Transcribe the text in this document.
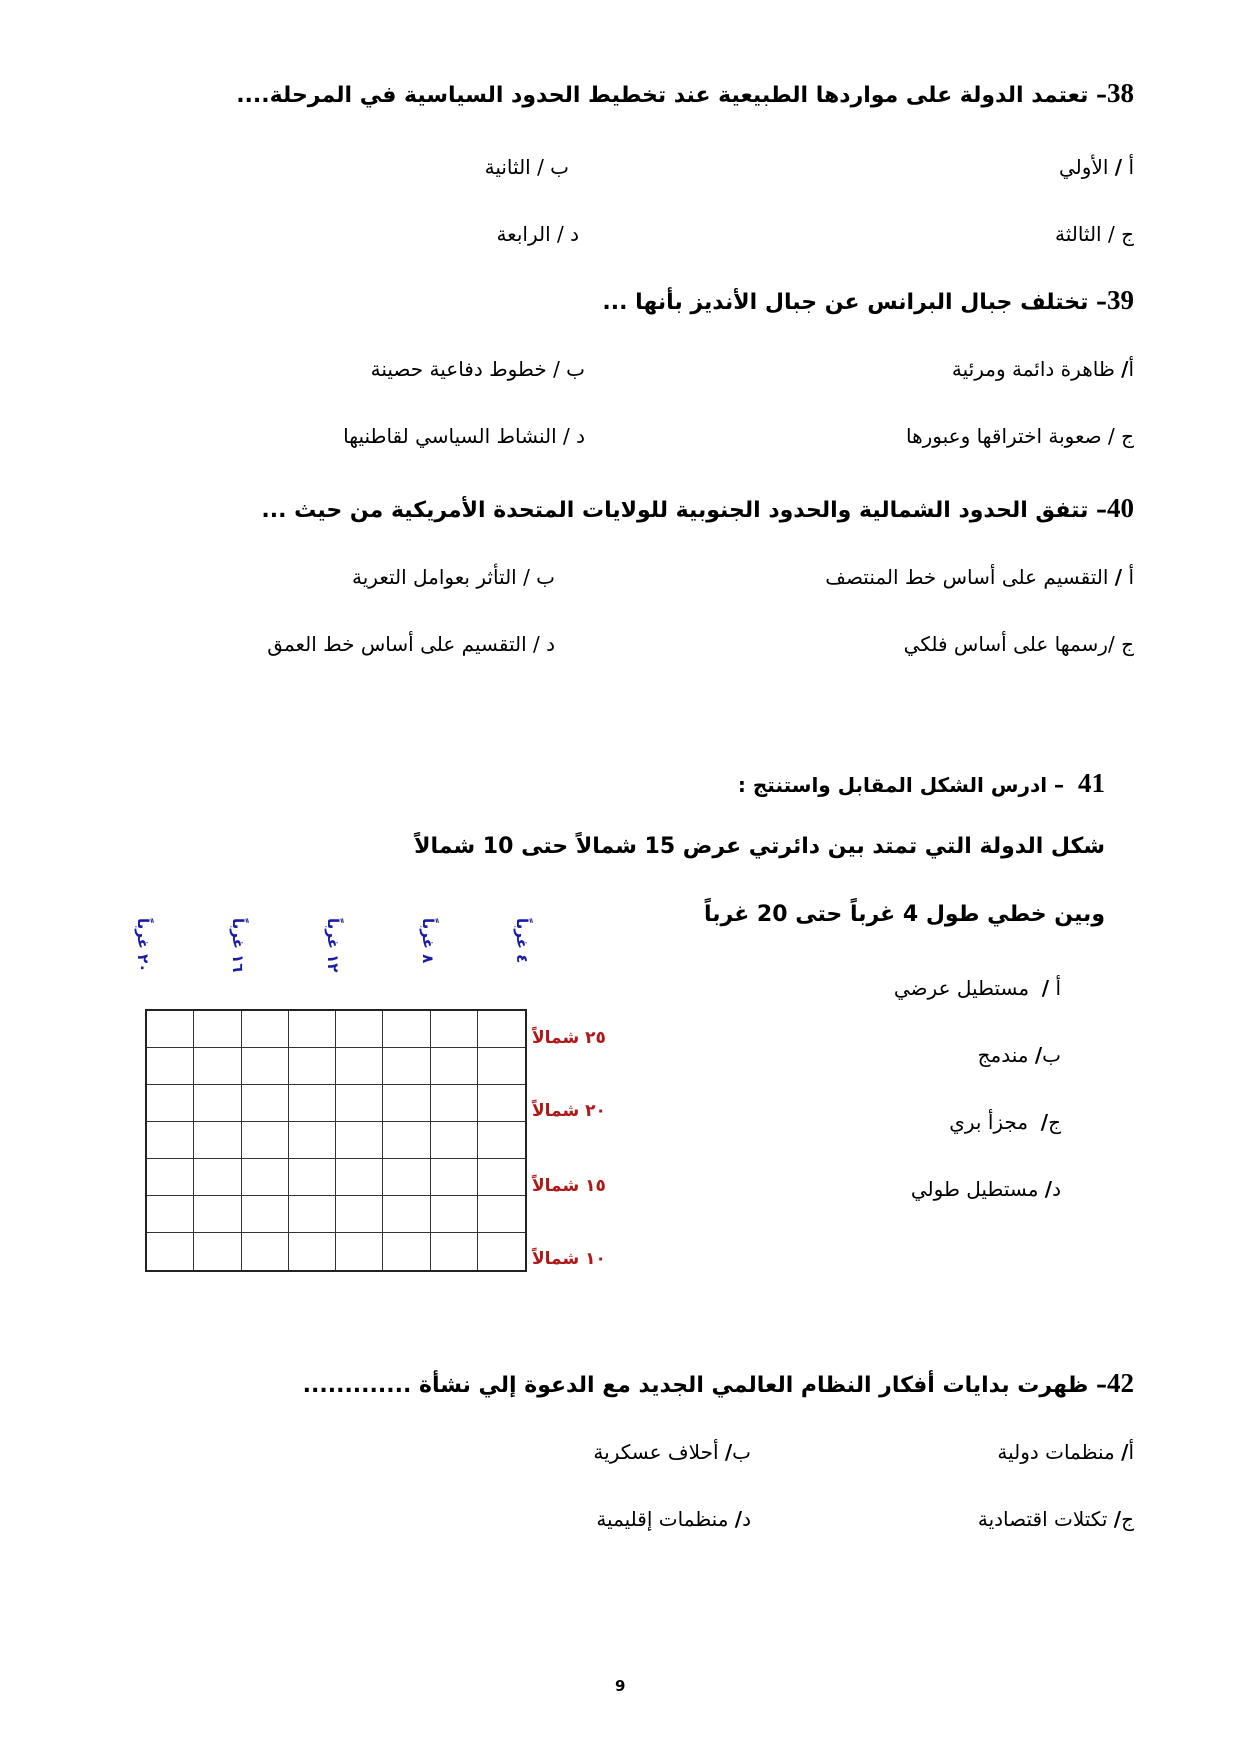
38– تعتمد الدولة على مواردها الطبيعية عند تخطيط الحدود السياسية في المرحلة....
أ / الأولي
ب / الثانية
ج / الثالثة
د / الرابعة
39– تختلف جبال البرانس عن جبال الأنديز بأنها ...
أ/ ظاهرة دائمة ومرئية
ب / خطوط دفاعية حصينة
ج / صعوبة اختراقها وعبورها
د / النشاط السياسي لقاطنيها
40– تتفق الحدود الشمالية والحدود الجنوبية للولايات المتحدة الأمريكية من حيث ...
أ / التقسيم على أساس خط المنتصف
ب / التأثر بعوامل التعرية
ج /رسمها على أساس فلكي
د / التقسيم على أساس خط العمق
41  – ادرس الشكل المقابل واستنتج :
شكل الدولة التي تمتد بين دائرتي عرض 15 شمالاً حتى 10 شمالاً
وبين خطي طول 4 غرباً حتى 20 غرباً
أ /  مستطيل عرضي
ب/ مندمج
ج/  مجزأ بري
د/ مستطيل طولي
٢٠ غرباً
١٦ غرباً
١٢ غرباً
٨ غرباً
٤ غرباً
٢٥ شمالاً
٢٠ شمالاً
١٥ شمالاً
١٠ شمالاً
42– ظهرت بدايات أفكار النظام العالمي الجديد مع الدعوة إلي نشأة .............
أ/ منظمات دولية
ب/ أحلاف عسكرية
ج/ تكتلات اقتصادية
د/ منظمات إقليمية
9
